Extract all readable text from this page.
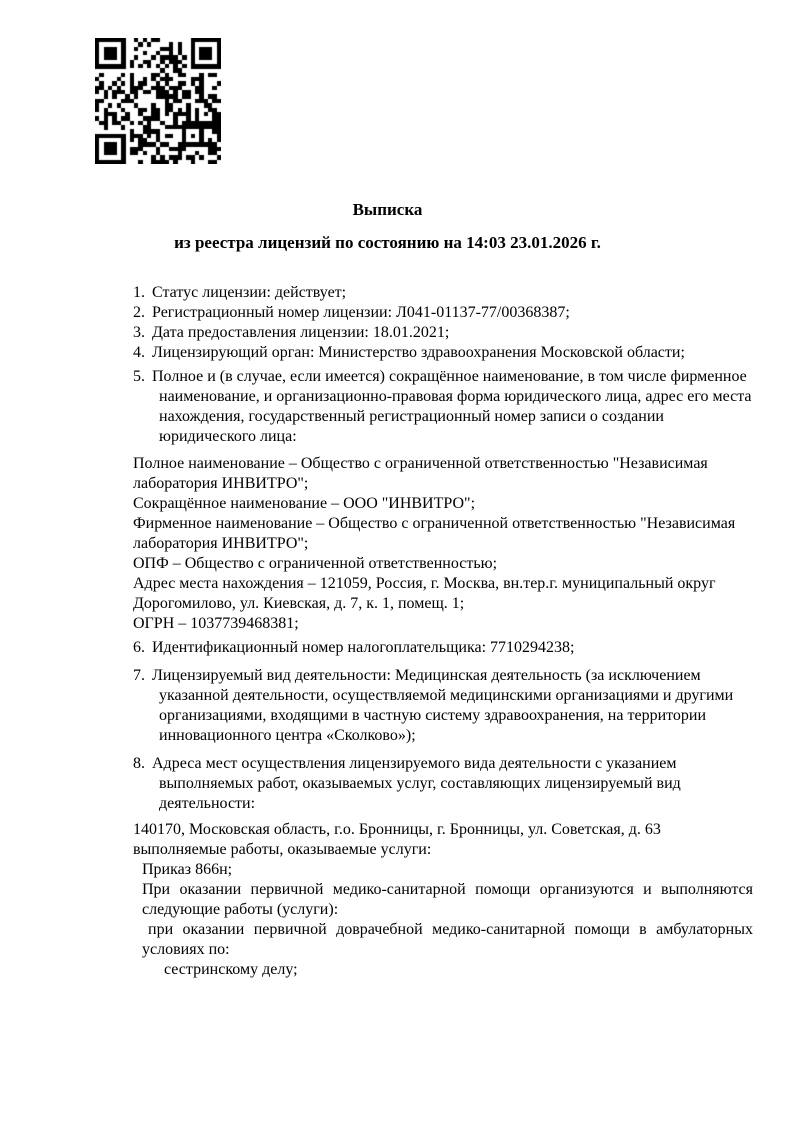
Выписка
из реестра лицензий по состоянию на 14:03 23.01.2026 г.

1. Статус лицензии: действует;

2. Регистрационный номер лицензии: Л041-01137-77/00368387;

3. Дата предоставления лицензии: 18.01.2021;

4. Лицензирующий орган: Министерство здравоохранения Московской области;

5. Полное и (в случае, если имеется) сокращённое наименование, в том числе фирменное наименование, и организационно-правовая форма юридического лица, адрес его места нахождения, государственный регистрационный номер записи о создании юридического лица:

Полное наименование – Общество с ограниченной ответственностью "Независимая лаборатория ИНВИТРО";

Сокращённое наименование – ООО "ИНВИТРО";

Фирменное наименование – Общество с ограниченной ответственностью "Независимая лаборатория ИНВИТРО";

ОПФ – Общество с ограниченной ответственностью;

Адрес места нахождения – 121059, Россия, г. Москва, вн.тер.г. муниципальный округ Дорогомилово, ул. Киевская, д. 7, к. 1, помещ. 1;

ОГРН – 1037739468381;

6. Идентификационный номер налогоплательщика: 7710294238;

7. Лицензируемый вид деятельности: Медицинская деятельность (за исключением указанной деятельности, осуществляемой медицинскими организациями и другими организациями, входящими в частную систему здравоохранения, на территории инновационного центра «Сколково»);

8. Адреса мест осуществления лицензируемого вида деятельности с указанием выполняемых работ, оказываемых услуг, составляющих лицензируемый вид деятельности:

140170, Московская область, г.о. Бронницы, г. Бронницы, ул. Советская, д. 63

выполняемые работы, оказываемые услуги:

Приказ 866н;

При оказании первичной медико-санитарной помощи организуются и выполняются

следующие работы (услуги):

при оказании первичной доврачебной медико-санитарной помощи в амбулаторных

условиях по:

сестринскому делу;
